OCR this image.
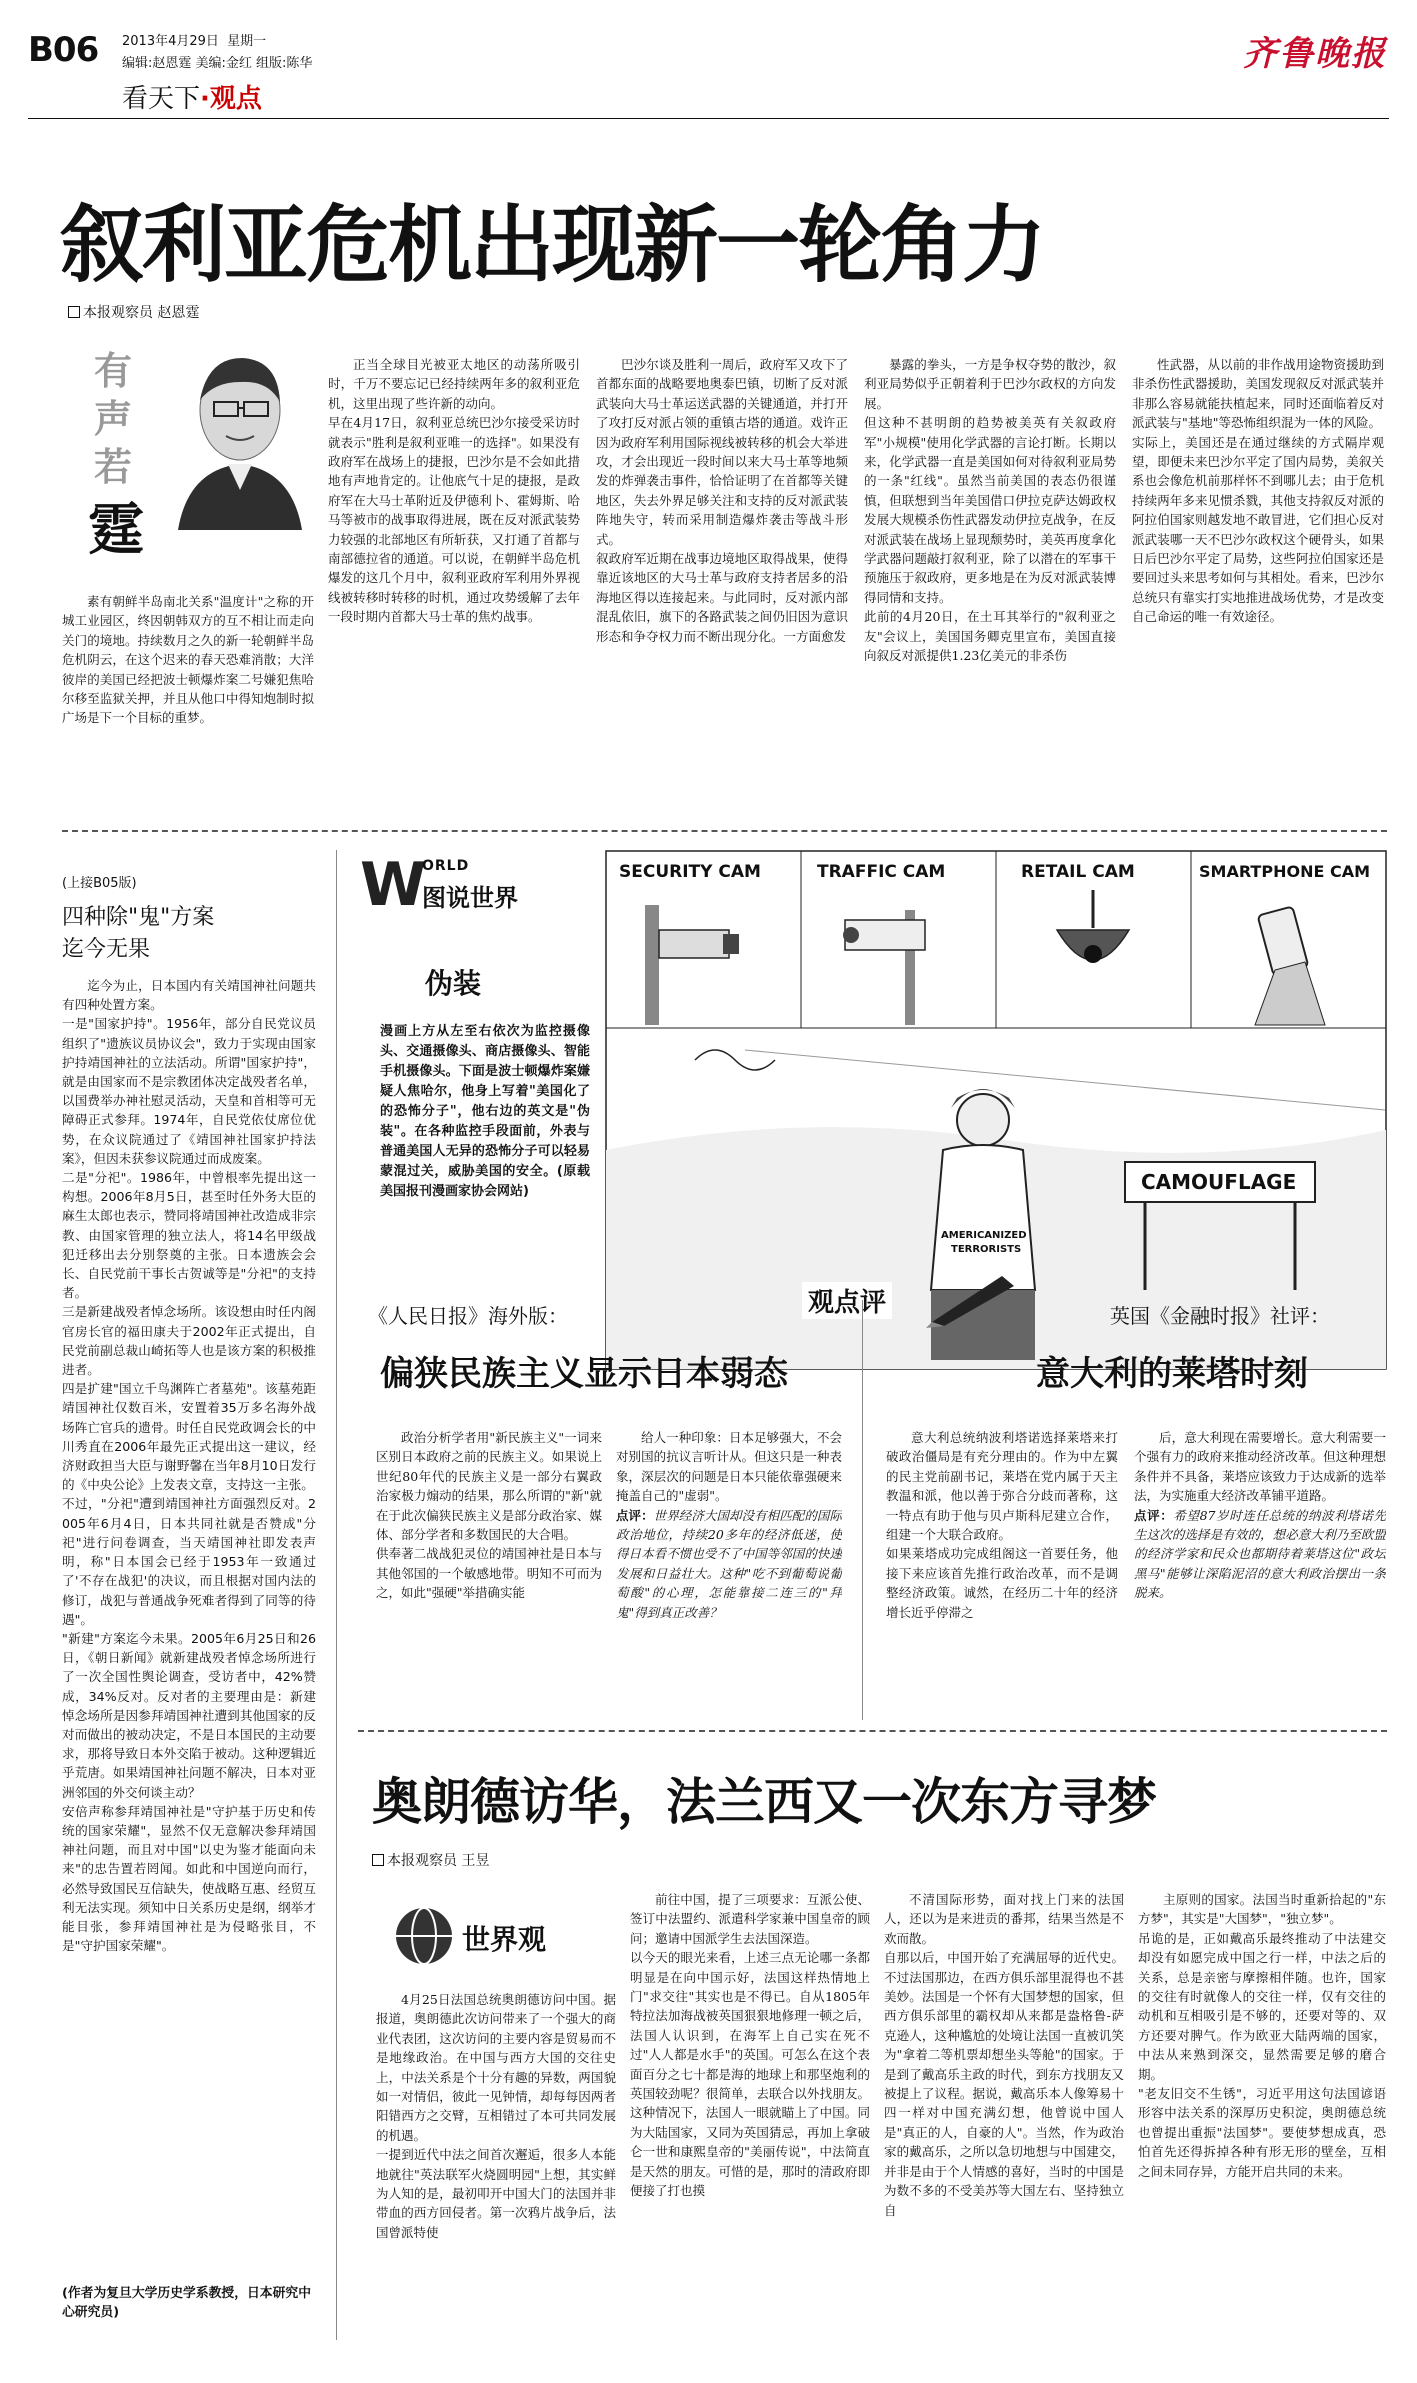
B06 2013年4月29日 星期一
编辑:赵恩霆 美编:金红 组版:陈华
看天下·观点
齐鲁晚报
叙利亚危机出现新一轮角力
本报观察员 赵恩霆
有
声
若
霆
素有朝鲜半岛南北关系"温度计"之称的开城工业园区，终因朝韩双方的互不相让而走向关门的境地。持续数月之久的新一轮朝鲜半岛危机阴云，在这个迟来的春天恐难消散；大洋彼岸的美国已经把波士顿爆炸案二号嫌犯焦哈尔移至监狱关押，并且从他口中得知炮制时拟广场是下一个目标的重梦。
正当全球目光被亚太地区的动荡所吸引时，千万不要忘记已经持续两年多的叙利亚危机，这里出现了些许新的动向。
早在4月17日，叙利亚总统巴沙尔接受采访时就表示"胜利是叙利亚唯一的选择"。如果没有政府军在战场上的捷报，巴沙尔是不会如此措地有声地肯定的。让他底气十足的捷报，是政府军在大马士革附近及伊德利卜、霍姆斯、哈马等被市的战事取得进展，既在反对派武装势力较强的北部地区有所斩获，又打通了首都与南部德拉省的通道。可以说，在朝鲜半岛危机爆发的这几个月中，叙利亚政府军利用外界视线被转移时转移的时机，通过攻势缓解了去年一段时期内首都大马士革的焦灼战事。
巴沙尔谈及胜利一周后，政府军又攻下了首都东面的战略要地奥泰巴镇，切断了反对派武装向大马士革运送武器的关键通道，并打开了攻打反对派占领的重镇古塔的通道。戏许正因为政府军利用国际视线被转移的机会大举进攻，才会出现近一段时间以来大马士革等地频发的炸弹袭击事件，恰恰证明了在首都等关键地区，失去外界足够关注和支持的反对派武装阵地失守，转而采用制造爆炸袭击等战斗形式。
叙政府军近期在战事边境地区取得战果，使得靠近该地区的大马士革与政府支持者居多的沿海地区得以连接起来。与此同时，反对派内部混乱依旧，旗下的各路武装之间仍旧因为意识形态和争夺权力而不断出现分化。一方面愈发
暴露的拳头，一方是争权夺势的散沙，叙利亚局势似乎正朝着利于巴沙尔政权的方向发展。
但这种不甚明朗的趋势被美英有关叙政府军"小规模"使用化学武器的言论打断。长期以来，化学武器一直是美国如何对待叙利亚局势的一条"红线"。虽然当前美国的表态仍很谨慎，但联想到当年美国借口伊拉克萨达姆政权发展大规模杀伤性武器发动伊拉克战争，在反对派武装在战场上显现颓势时，美英再度拿化学武器问题敲打叙利亚，除了以潜在的军事干预施压于叙政府，更多地是在为反对派武装博得同情和支持。
此前的4月20日，在土耳其举行的"叙利亚之友"会议上，美国国务卿克里宣布，美国直接向叙反对派提供1.23亿美元的非杀伤
性武器，从以前的非作战用途物资援助到非杀伤性武器援助，美国发现叙反对派武装并非那么容易就能扶植起来，同时还面临着反对派武装与"基地"等恐怖组织混为一体的风险。
实际上，美国还是在通过继续的方式隔岸观望，即便未来巴沙尔平定了国内局势，美叙关系也会像危机前那样怀不到哪儿去；由于危机持续两年多来见惯杀戮，其他支持叙反对派的阿拉伯国家则越发地不敢冒进，它们担心反对派武装哪一天不巴沙尔政权这个硬骨头，如果日后巴沙尔平定了局势，这些阿拉伯国家还是要回过头来思考如何与其相处。看来，巴沙尔总统只有靠实打实地推进战场优势，才是改变自己命运的唯一有效途径。
(上接B05版)
四种除"鬼"方案
迄今无果
迄今为止，日本国内有关靖国神社问题共有四种处置方案。
一是"国家护持"。1956年，部分自民党议员组织了"遗族议员协议会"，致力于实现由国家护持靖国神社的立法活动。所谓"国家护持"，就是由国家而不是宗教团体决定战殁者名单，以国费举办神社慰灵活动，天皇和首相等可无障碍正式参拜。1974年，自民党依仗席位优势，在众议院通过了《靖国神社国家护持法案》，但因未获参议院通过而成废案。
二是"分祀"。1986年，中曾根率先提出这一构想。2006年8月5日，甚至时任外务大臣的麻生太郎也表示，赞同将靖国神社改造成非宗教、由国家管理的独立法人，将14名甲级战犯迁移出去分别祭奠的主张。日本遗族会会长、自民党前干事长古贺诚等是"分祀"的支持者。
三是新建战殁者悼念场所。该设想由时任内阁官房长官的福田康夫于2002年正式提出，自民党前副总裁山崎拓等人也是该方案的积极推进者。
四是扩建"国立千鸟渊阵亡者墓苑"。该墓苑距靖国神社仅数百米，安置着35万多名海外战场阵亡官兵的遗骨。时任自民党政调会长的中川秀直在2006年最先正式提出这一建议，经济财政担当大臣与谢野馨在当年8月10日发行的《中央公论》上发表文章，支持这一主张。
不过，"分祀"遭到靖国神社方面强烈反对。2005年6月4日，日本共同社就是否赞成"分祀"进行问卷调查，当天靖国神社即发表声明，称"日本国会已经于1953年一致通过了'不存在战犯'的决议，而且根据对国内法的修订，战犯与普通战争死难者得到了同等的待遇"。
"新建"方案迄今未果。2005年6月25日和26日，《朝日新闻》就新建战殁者悼念场所进行了一次全国性舆论调查，受访者中，42%赞成，34%反对。反对者的主要理由是：新建悼念场所是因参拜靖国神社遭到其他国家的反对而做出的被动决定，不是日本国民的主动要求，那将导致日本外交陷于被动。这种逻辑近乎荒唐。如果靖国神社问题不解决，日本对亚洲邻国的外交何谈主动？
安倍声称参拜靖国神社是"守护基于历史和传统的国家荣耀"，显然不仅无意解决参拜靖国神社问题，而且对中国"以史为鉴才能面向未来"的忠告置若罔闻。如此和中国逆向而行，必然导致国民互信缺失，使战略互惠、经贸互利无法实现。须知中日关系历史是纲，纲举才能目张，参拜靖国神社是为侵略张目，不是"守护国家荣耀"。
(作者为复旦大学历史学系教授，日本研究中心研究员)
W
ORLD
图说世界
伪装
漫画上方从左至右依次为监控摄像头、交通摄像头、商店摄像头、智能手机摄像头。下面是波士顿爆炸案嫌疑人焦哈尔，他身上写着"美国化了的恐怖分子"，他右边的英文是"伪装"。在各种监控手段面前，外表与普通美国人无异的恐怖分子可以轻易蒙混过关，威胁美国的安全。(原载美国报刊漫画家协会网站)
SECURITY CAM	TRAFFIC CAM	RETAIL CAM	SMARTPHONE CAM
CAMOUFLAGE
AMERICANIZED
TERRORISTS
观点评
《人民日报》海外版：
偏狭民族主义显示日本弱态
政治分析学者用"新民族主义"一词来区别日本政府之前的民族主义。如果说上世纪80年代的民族主义是一部分右翼政治家极力煽动的结果，那么所谓的"新"就在于此次偏狭民族主义是部分政治家、媒体、部分学者和多数国民的大合唱。
供奉著二战战犯灵位的靖国神社是日本与其他邻国的一个敏感地带。明知不可而为之，如此"强硬"举措确实能
给人一种印象：日本足够强大，不会对别国的抗议言听计从。但这只是一种表象，深层次的问题是日本只能依靠强硬来掩盖自己的"虚弱"。
点评：世界经济大国却没有相匹配的国际政治地位，持续20多年的经济低迷，使得日本看不惯也受不了中国等邻国的快速发展和日益壮大。这种"吃不到葡萄说葡萄酸"的心理，怎能靠接二连三的"拜鬼"得到真正改善？
英国《金融时报》社评：
意大利的莱塔时刻
意大利总统纳波利塔诺选择莱塔来打破政治僵局是有充分理由的。作为中左翼的民主党前副书记，莱塔在党内属于天主教温和派，他以善于弥合分歧而著称，这一特点有助于他与贝卢斯科尼建立合作，组建一个大联合政府。
如果莱塔成功完成组阁这一首要任务，他接下来应该首先推行政治改革，而不是调整经济政策。诚然，在经历二十年的经济增长近乎停滞之
后，意大利现在需要增长。意大利需要一个强有力的政府来推动经济改革。但这种理想条件并不具备，莱塔应该致力于达成新的选举法，为实施重大经济改革铺平道路。
点评：希望87岁时连任总统的纳波利塔诺先生这次的选择是有效的，想必意大利乃至欧盟的经济学家和民众也都期待着莱塔这位"政坛黑马"能够让深陷泥沼的意大利政治摆出一条脱来。
奥朗德访华，法兰西又一次东方寻梦
本报观察员 王昱
世界观
4月25日法国总统奥朗德访问中国。据报道，奥朗德此次访问带来了一个强大的商业代表团，这次访问的主要内容是贸易而不是地缘政治。在中国与西方大国的交往史上，中法关系是个十分有趣的异数，两国貌如一对情侣，彼此一见钟情，却每每因两者阳错西方之交臂，互相错过了本可共同发展的机遇。
一提到近代中法之间首次邂逅，很多人本能地就往"英法联军火烧圆明园"上想，其实鲜为人知的是，最初叩开中国大门的法国并非带血的西方回侵者。第一次鸦片战争后，法国曾派特使
前往中国，提了三项要求：互派公使、签订中法盟约、派遣科学家兼中国皇帝的顾问；邀请中国派学生去法国深造。
以今天的眼光来看，上述三点无论哪一条都明显是在向中国示好，法国这样热情地上门"求交往"其实也是不得已。自从1805年特拉法加海战被英国狠狠地修理一顿之后，法国人认识到，在海军上自己实在死不过"人人都是水手"的英国。可怎么在这个表面百分之七十都是海的地球上和那坚炮利的英国较劲呢？很简单，去联合以外找朋友。这种情况下，法国人一眼就瞄上了中国。同为大陆国家，又同为英国猜忌，再加上拿破仑一世和康熙皇帝的"美丽传说"，中法简直是天然的朋友。可惜的是，那时的清政府即便接了打也摸
不清国际形势，面对找上门来的法国人，还以为是来进贡的番邦，结果当然是不欢而散。
自那以后，中国开始了充满屈辱的近代史。不过法国那边，在西方俱乐部里混得也不甚美妙。法国是一个怀有大国梦想的国家，但西方俱乐部里的霸权却从来都是盎格鲁-萨克逊人，这种尴尬的处境让法国一直被讥笑为"拿着二等机票却想坐头等舱"的国家。于是到了戴高乐主政的时代，到东方找朋友又被提上了议程。据说，戴高乐本人像筹易十四一样对中国充满幻想，他曾说中国人是"真正的人，自豪的人"。当然，作为政治家的戴高乐，之所以急切地想与中国建交，并非是由于个人情感的喜好，当时的中国是为数不多的不受美苏等大国左右、坚持独立自
主原则的国家。法国当时重新拾起的"东方梦"，其实是"大国梦"，"独立梦"。
吊诡的是，正如戴高乐最终推动了中法建交却没有如愿完成中国之行一样，中法之后的关系，总是亲密与摩擦相伴随。也许，国家的交往有时就像人的交往一样，仅有交往的动机和互相吸引是不够的，还要对等的、双方还要对脾气。作为欧亚大陆两端的国家，中法从来熟到深交，显然需要足够的磨合期。
"老友旧交不生锈"，习近平用这句法国谚语形容中法关系的深厚历史积淀，奥朗德总统也曾提出重振"法国梦"。要使梦想成真，恐怕首先还得拆掉各种有形无形的壁垒，互相之间未同存异，方能开启共同的未来。
